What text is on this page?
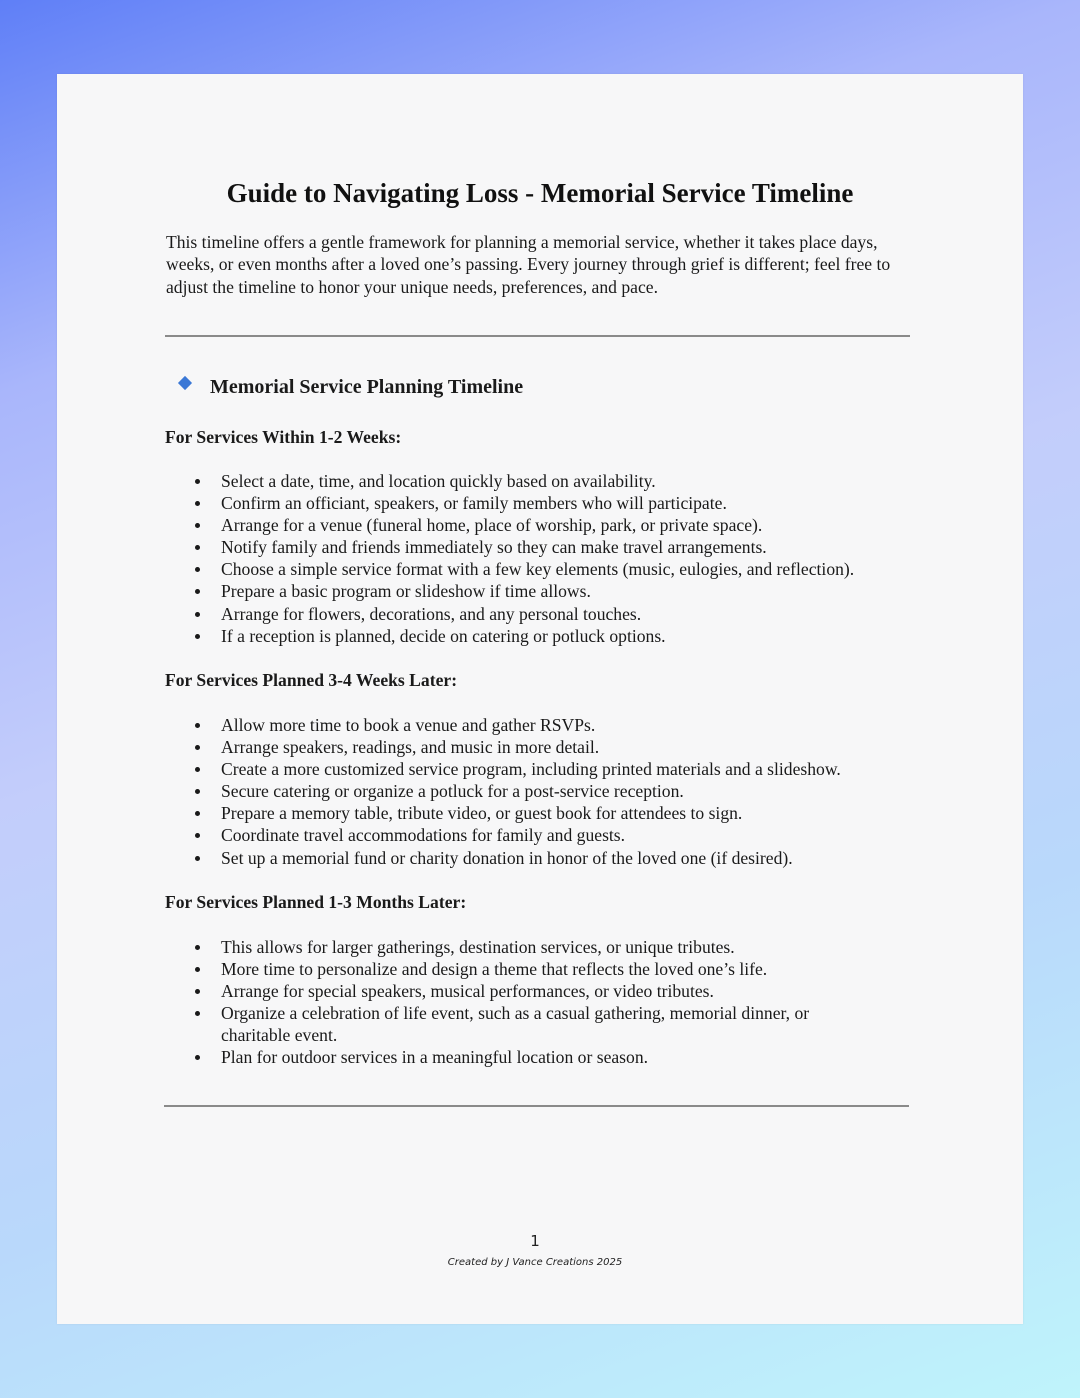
Guide to Navigating Loss - Memorial Service Timeline

This timeline offers a gentle framework for planning a memorial service, whether it takes place days, weeks, or even months after a loved one’s passing. Every journey through grief is different; feel free to adjust the timeline to honor your unique needs, preferences, and pace.

Memorial Service Planning Timeline
For Services Within 1-2 Weeks:
Select a date, time, and location quickly based on availability.
Confirm an officiant, speakers, or family members who will participate.
Arrange for a venue (funeral home, place of worship, park, or private space).
Notify family and friends immediately so they can make travel arrangements.
Choose a simple service format with a few key elements (music, eulogies, and reflection).
Prepare a basic program or slideshow if time allows.
Arrange for flowers, decorations, and any personal touches.
If a reception is planned, decide on catering or potluck options.
For Services Planned 3-4 Weeks Later:
Allow more time to book a venue and gather RSVPs.
Arrange speakers, readings, and music in more detail.
Create a more customized service program, including printed materials and a slideshow.
Secure catering or organize a potluck for a post-service reception.
Prepare a memory table, tribute video, or guest book for attendees to sign.
Coordinate travel accommodations for family and guests.
Set up a memorial fund or charity donation in honor of the loved one (if desired).
For Services Planned 1-3 Months Later:
This allows for larger gatherings, destination services, or unique tributes.
More time to personalize and design a theme that reflects the loved one’s life.
Arrange for special speakers, musical performances, or video tributes.
Organize a celebration of life event, such as a casual gathering, memorial dinner, or charitable event.
Plan for outdoor services in a meaningful location or season.
1
Created by J Vance Creations 2025
